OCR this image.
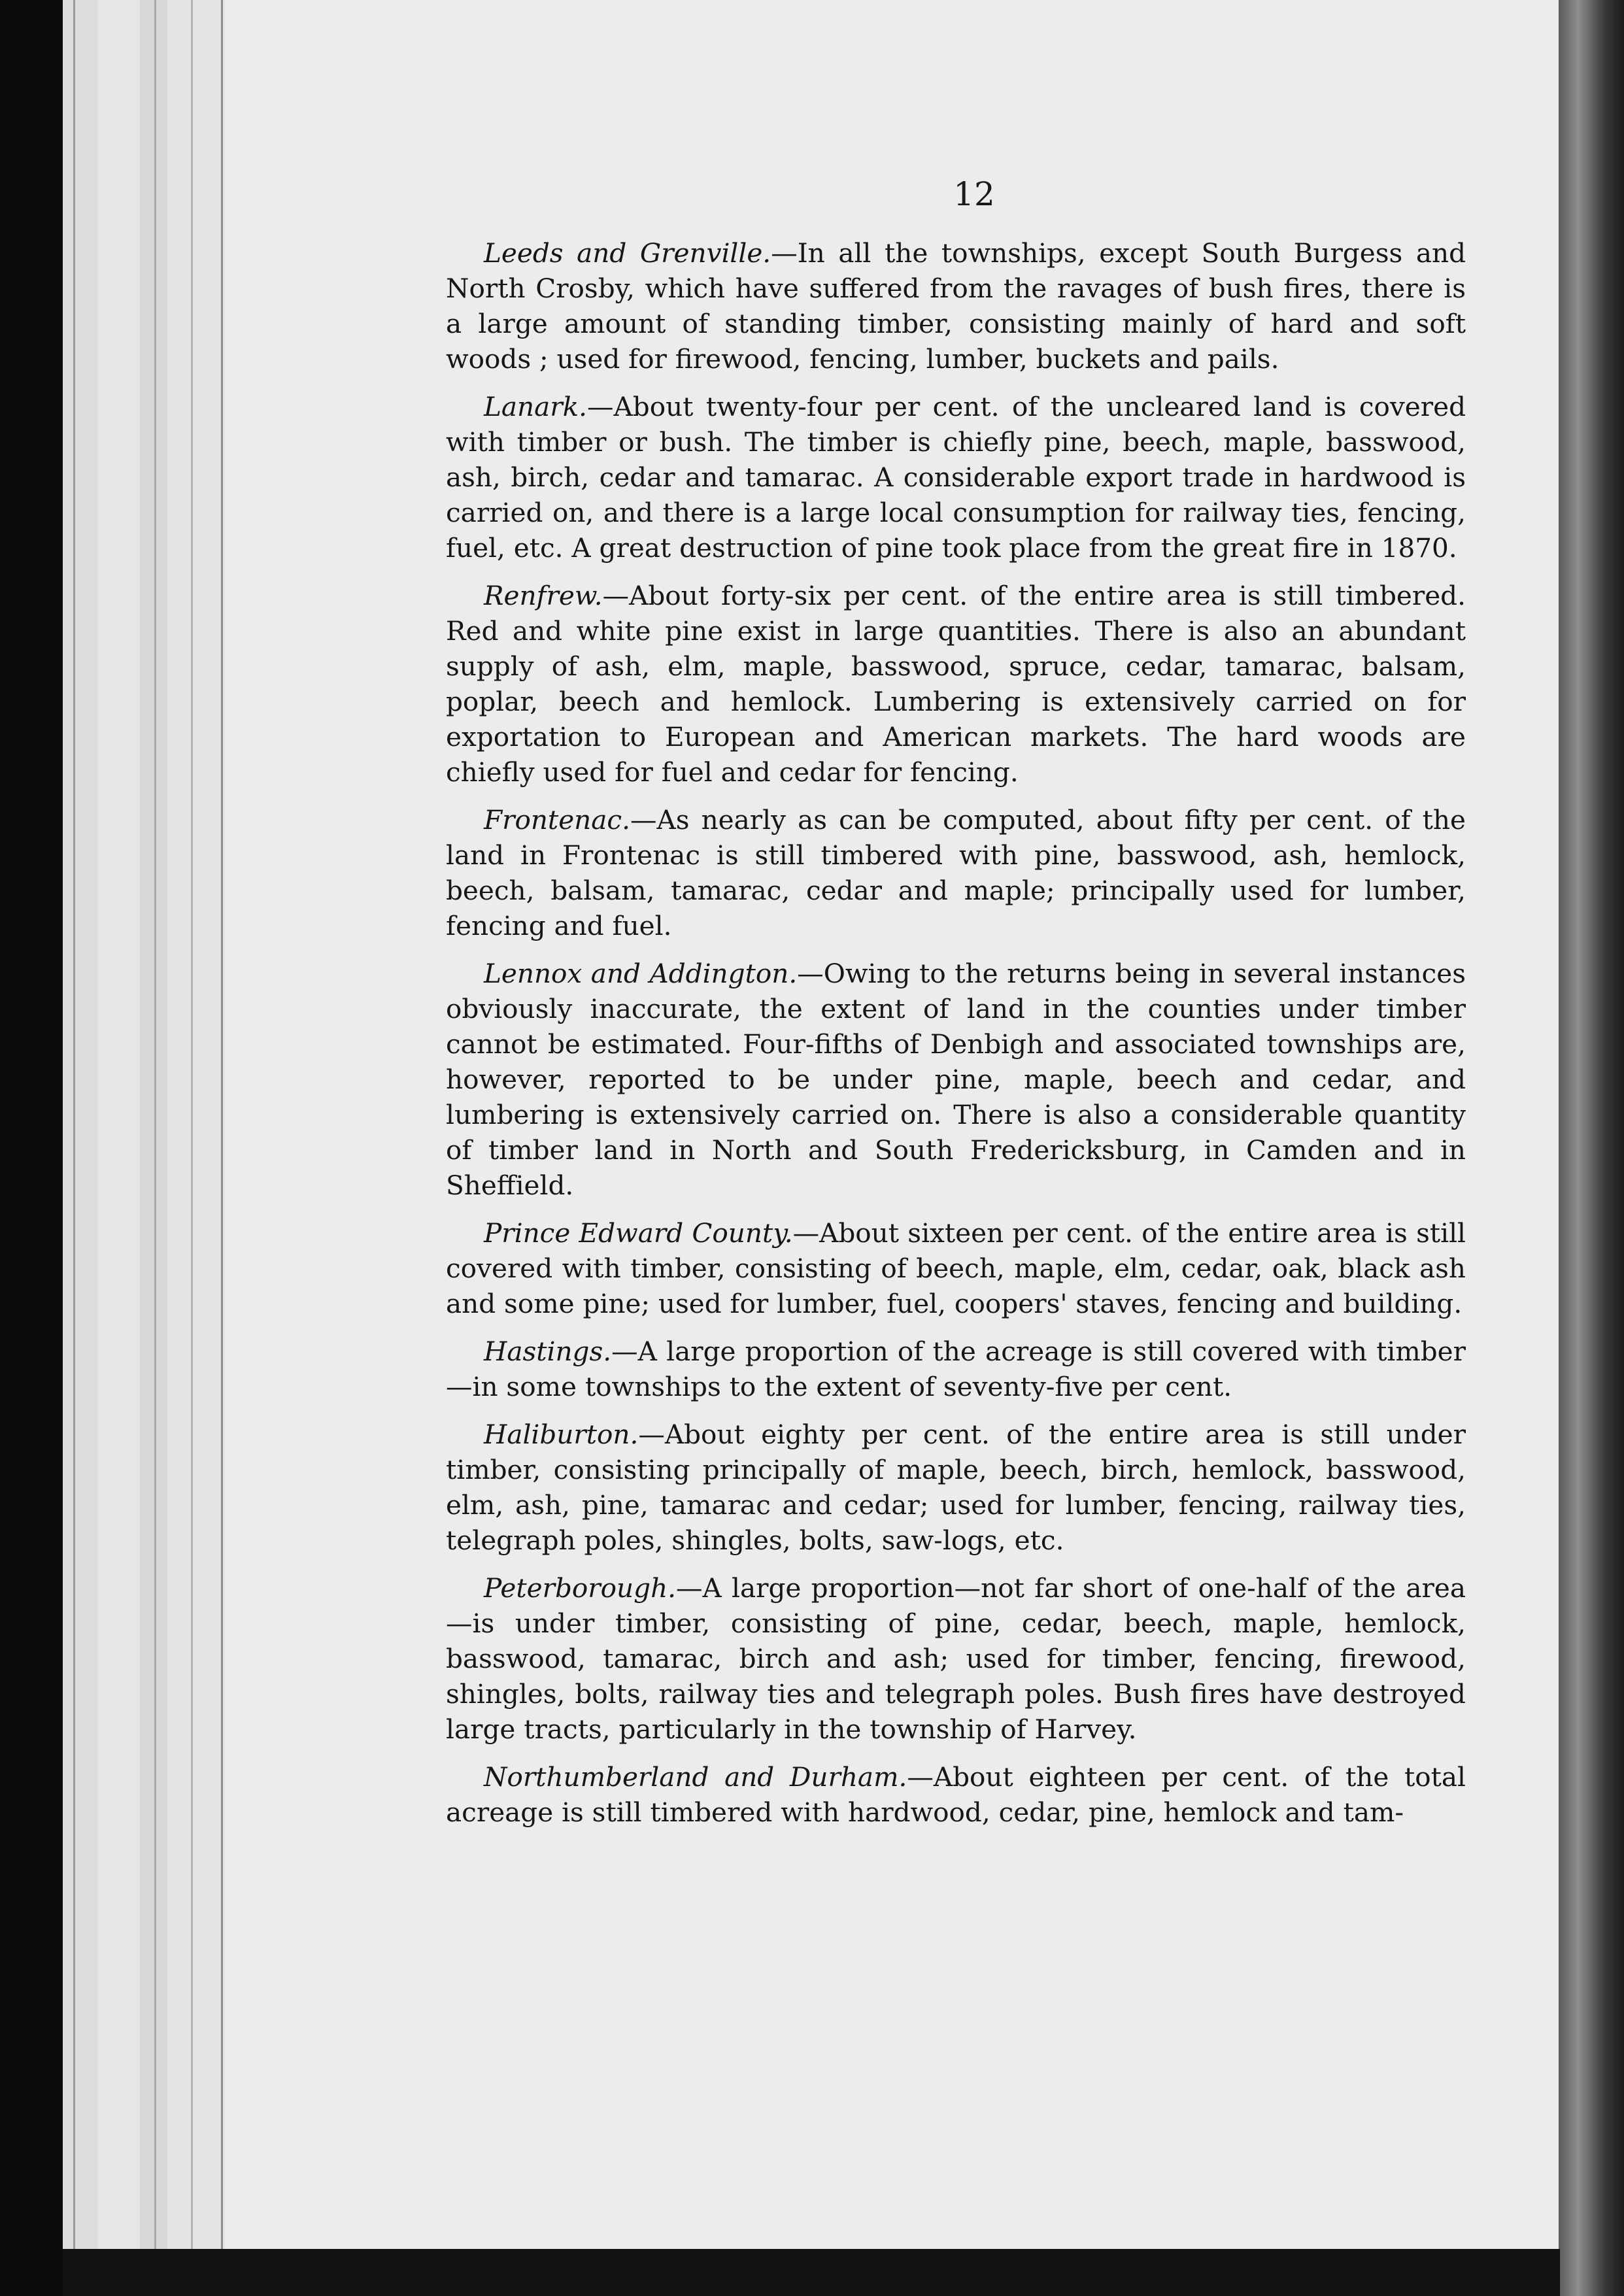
12

Leeds and Grenville.—In all the townships, except South Burgess and North Crosby, which have suffered from the ravages of bush fires, there is a large amount of standing timber, consisting mainly of hard and soft woods ; used for firewood, fencing, lumber, buckets and pails.

Lanark.—About twenty-four per cent. of the uncleared land is covered with timber or bush. The timber is chiefly pine, beech, maple, basswood, ash, birch, cedar and tamarac. A considerable export trade in hardwood is carried on, and there is a large local consumption for railway ties, fencing, fuel, etc. A great destruction of pine took place from the great fire in 1870.

Renfrew.—About forty-six per cent. of the entire area is still timbered. Red and white pine exist in large quantities. There is also an abundant supply of ash, elm, maple, basswood, spruce, cedar, tamarac, balsam, poplar, beech and hemlock. Lumbering is extensively carried on for exportation to European and American markets. The hard woods are chiefly used for fuel and cedar for fencing.

Frontenac.—As nearly as can be computed, about fifty per cent. of the land in Frontenac is still timbered with pine, basswood, ash, hemlock, beech, balsam, tamarac, cedar and maple; principally used for lumber, fencing and fuel.

Lennox and Addington.—Owing to the returns being in several instances obviously inaccurate, the extent of land in the counties under timber cannot be estimated. Four-fifths of Denbigh and associated townships are, however, reported to be under pine, maple, beech and cedar, and lumbering is extensively carried on. There is also a considerable quantity of timber land in North and South Fredericksburg, in Camden and in Sheffield.

Prince Edward County.—About sixteen per cent. of the entire area is still covered with timber, consisting of beech, maple, elm, cedar, oak, black ash and some pine; used for lumber, fuel, coopers' staves, fencing and building.

Hastings.—A large proportion of the acreage is still covered with timber—in some townships to the extent of seventy-five per cent.

Haliburton.—About eighty per cent. of the entire area is still under timber, consisting principally of maple, beech, birch, hemlock, basswood, elm, ash, pine, tamarac and cedar; used for lumber, fencing, railway ties, telegraph poles, shingles, bolts, saw-logs, etc.

Peterborough.—A large proportion—not far short of one-half of the area—is under timber, consisting of pine, cedar, beech, maple, hemlock, basswood, tamarac, birch and ash; used for timber, fencing, firewood, shingles, bolts, railway ties and telegraph poles. Bush fires have destroyed large tracts, particularly in the township of Harvey.

Northumberland and Durham.—About eighteen per cent. of the total acreage is still timbered with hardwood, cedar, pine, hemlock and tam-
